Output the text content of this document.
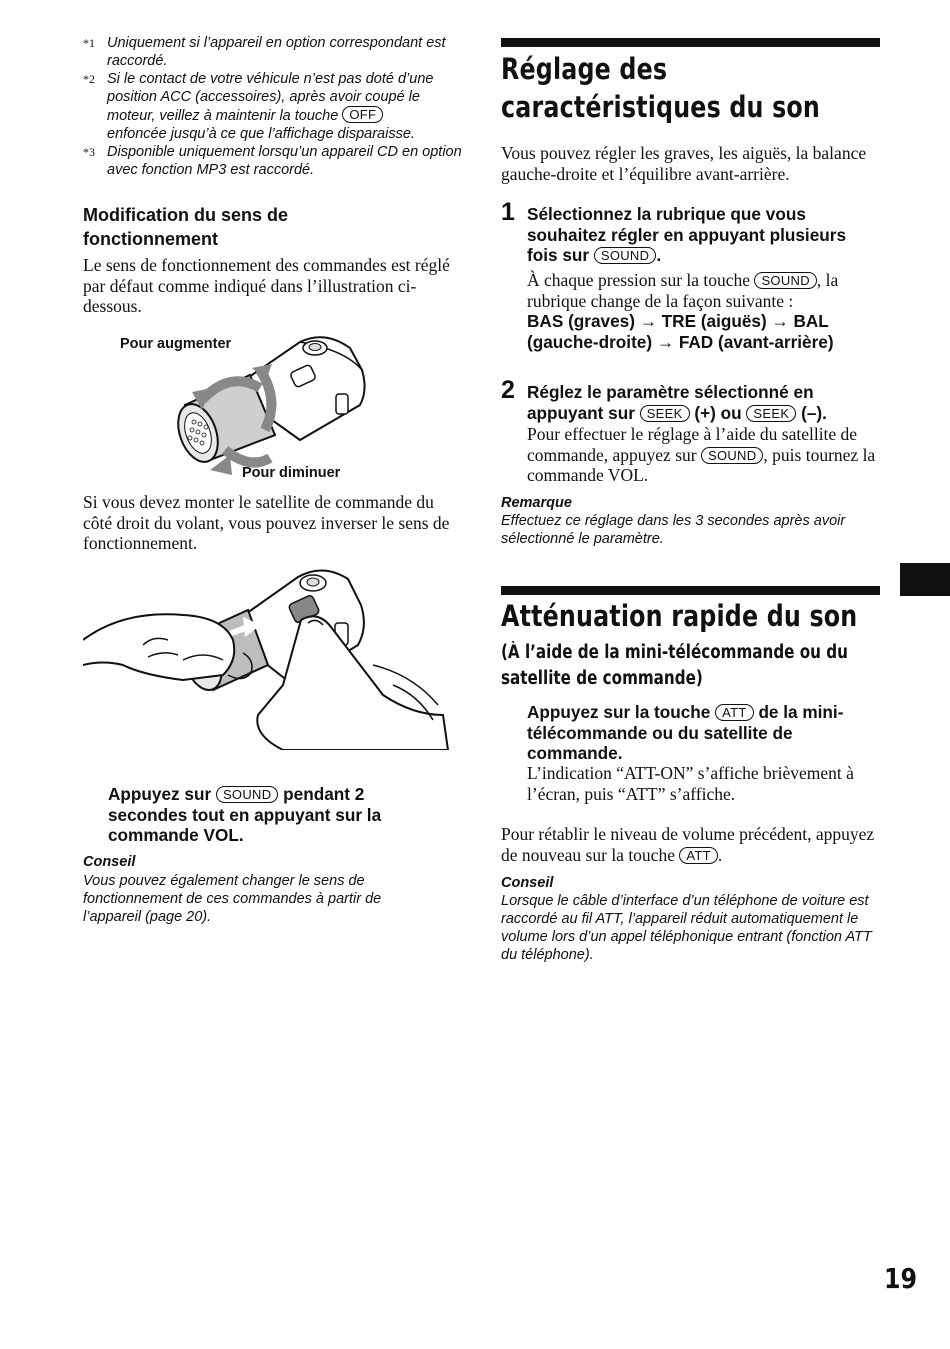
*1 Uniquement si l’appareil en option correspondant est raccordé.
*2 Si le contact de votre véhicule n’est pas doté d’une position ACC (accessoires), après avoir coupé le moteur, veillez à maintenir la touche OFF
enfoncée jusqu’à ce que l’affichage disparaisse.
*3 Disponible uniquement lorsqu’un appareil CD en option avec fonction MP3 est raccordé.
Modification du sens de fonctionnement
Le sens de fonctionnement des commandes est réglé par défaut comme indiqué dans l’illustration ci-dessous.
Pour augmenter
Pour diminuer
Si vous devez monter le satellite de commande du côté droit du volant, vous pouvez inverser le sens de fonctionnement.
Appuyez sur SOUND pendant 2 secondes tout en appuyant sur la commande VOL.
Conseil
Vous pouvez également changer le sens de fonctionnement de ces commandes à partir de l’appareil (page 20).
Réglage des caractéristiques du son
Vous pouvez régler les graves, les aiguës, la balance gauche-droite et l’équilibre avant-arrière.
1 Sélectionnez la rubrique que vous souhaitez régler en appuyant plusieurs fois sur SOUND .
À chaque pression sur la touche SOUND , la rubrique change de la façon suivante :
BAS (graves) → TRE (aiguës) → BAL (gauche-droite) → FAD (avant-arrière)
2 Réglez le paramètre sélectionné en appuyant sur SEEK (+) ou SEEK (–).
Pour effectuer le réglage à l’aide du satellite de commande, appuyez sur SOUND , puis tournez la commande VOL.
Remarque
Effectuez ce réglage dans les 3 secondes après avoir sélectionné le paramètre.
Atténuation rapide du son
(À l’aide de la mini-télécommande ou du satellite de commande)
Appuyez sur la touche ATT de la mini-télécommande ou du satellite de commande.
L’indication “ATT-ON” s’affiche brièvement à l’écran, puis “ATT” s’affiche.
Pour rétablir le niveau de volume précédent, appuyez de nouveau sur la touche ATT .
Conseil
Lorsque le câble d’interface d’un téléphone de voiture est raccordé au fil ATT, l’appareil réduit automatiquement le volume lors d’un appel téléphonique entrant (fonction ATT du téléphone).
19
